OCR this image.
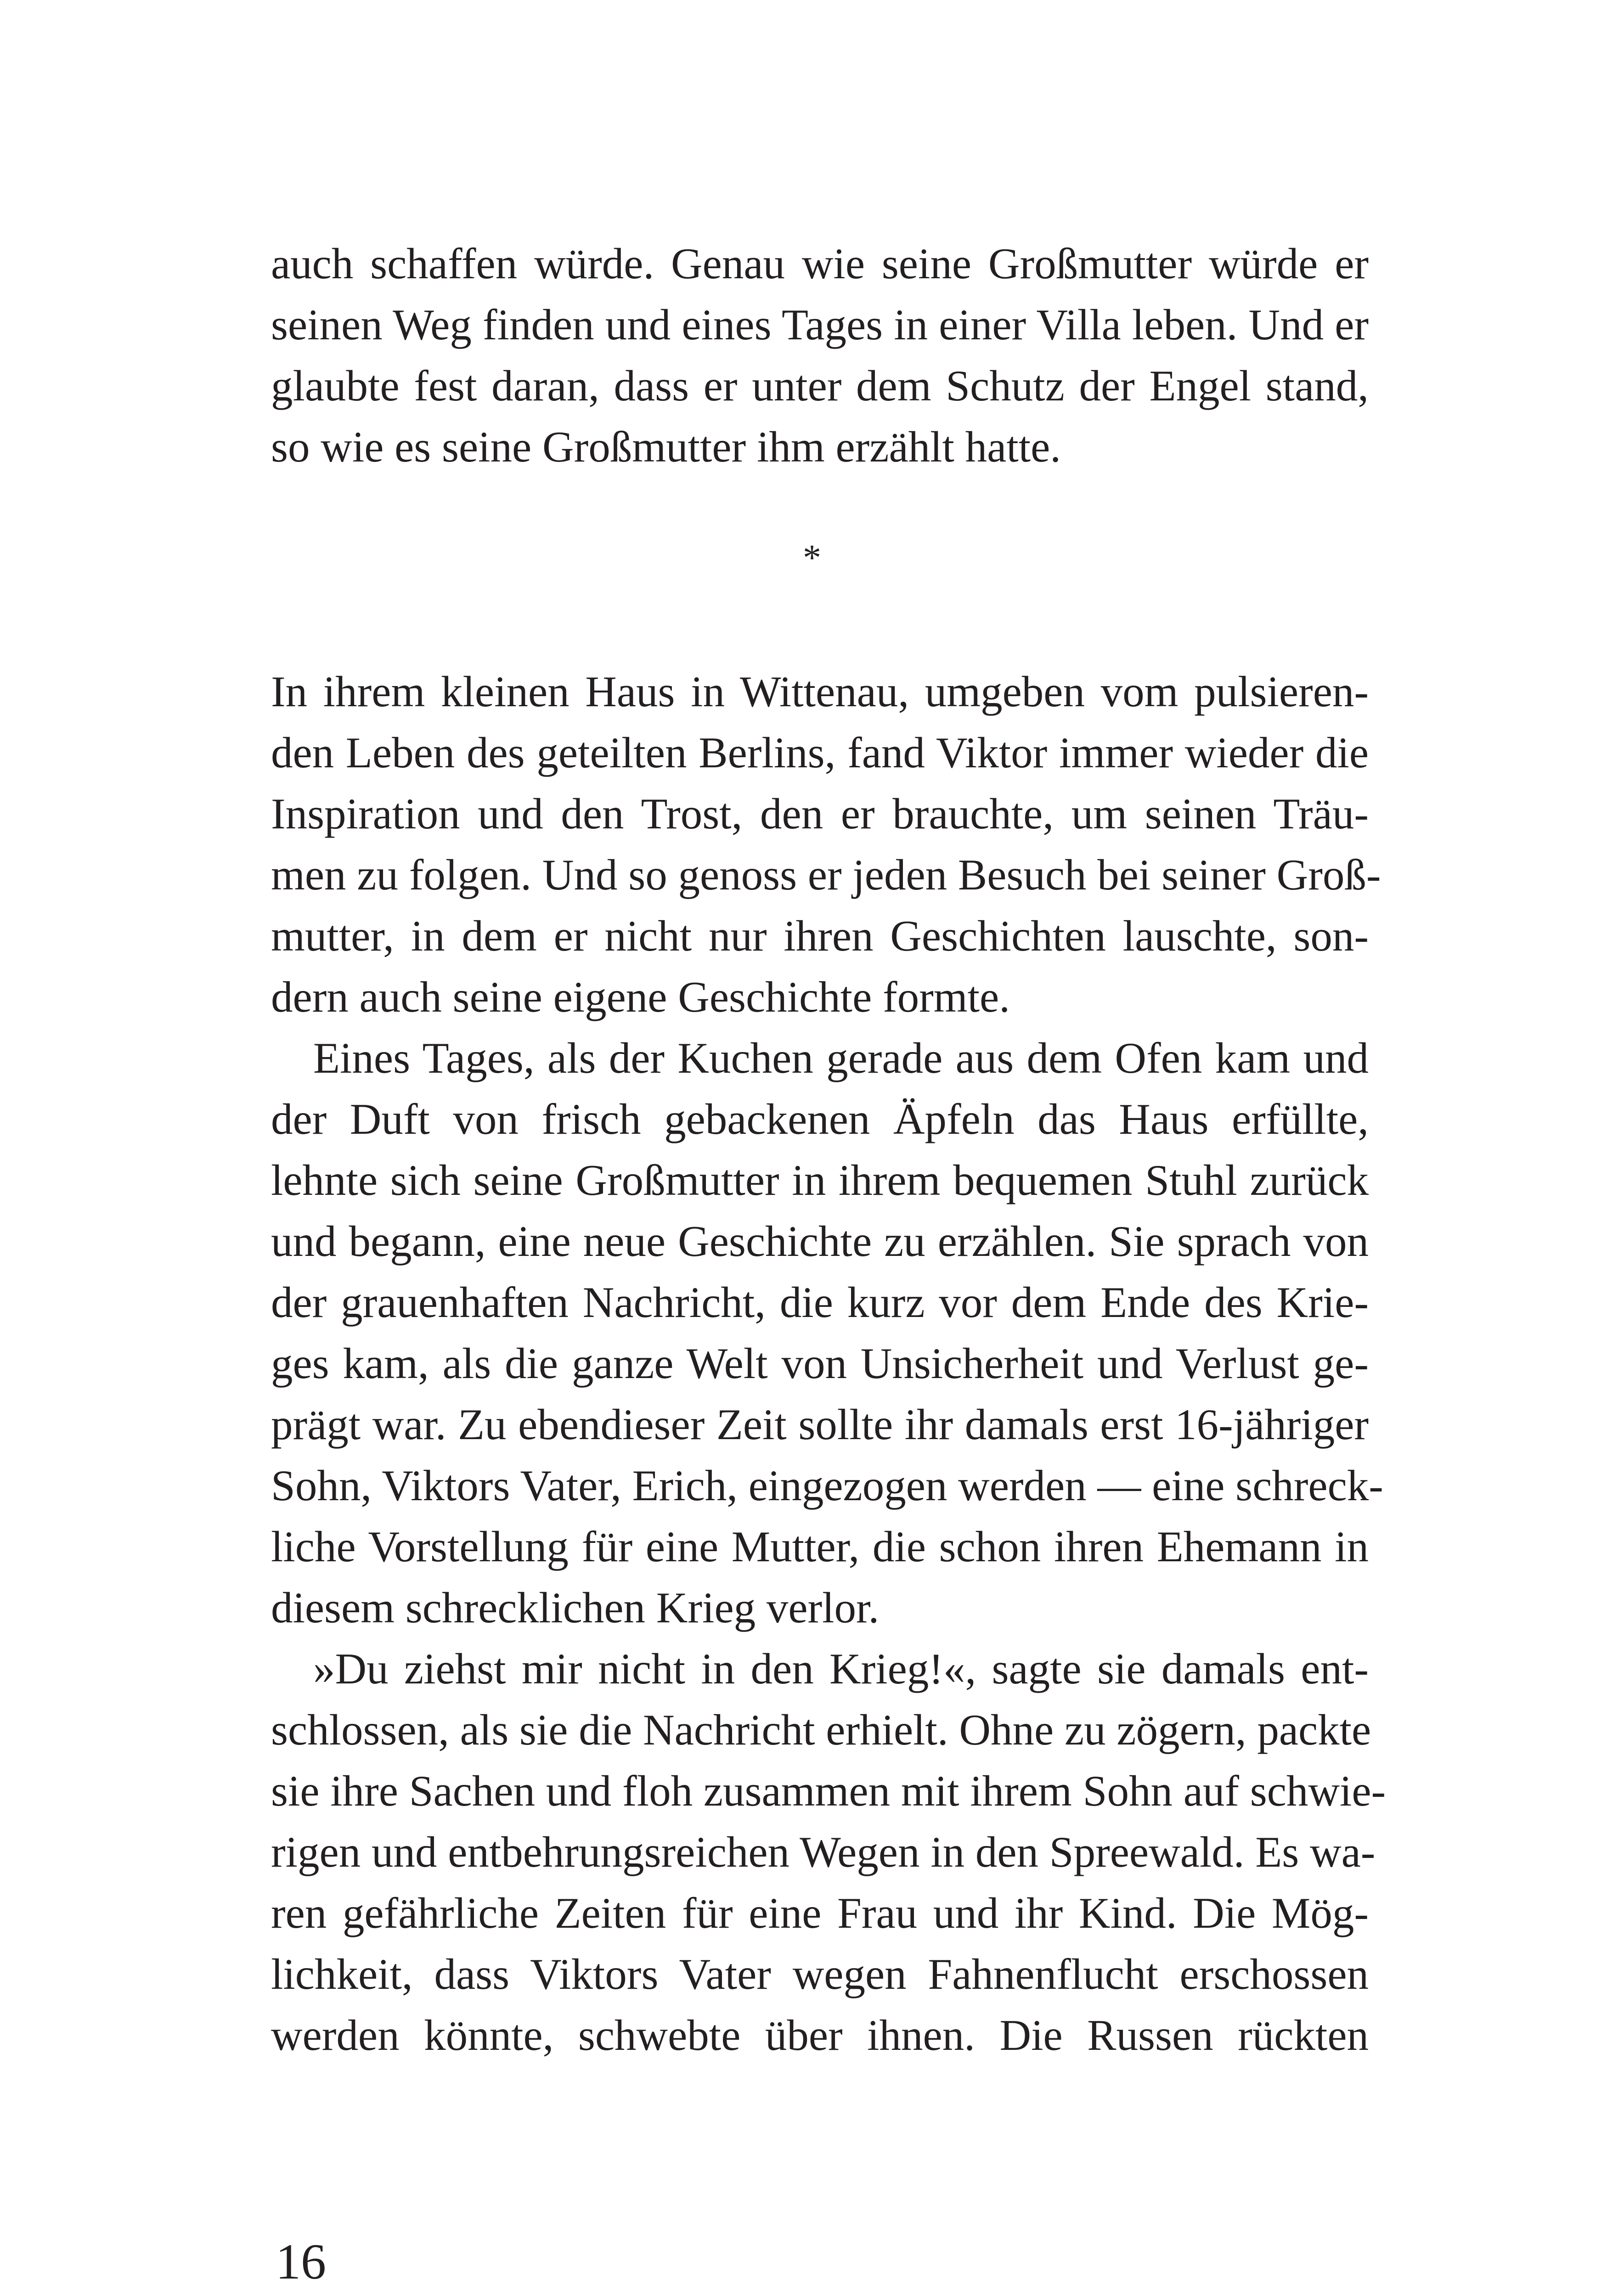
auch schaffen würde. Genau wie seine Großmutter würde er
seinen Weg finden und eines Tages in einer Villa leben. Und er
glaubte fest daran, dass er unter dem Schutz der Engel stand,
so wie es seine Großmutter ihm erzählt hatte.
*
In ihrem kleinen Haus in Wittenau, umgeben vom pulsieren-
den Leben des geteilten Berlins, fand Viktor immer wieder die
Inspiration und den Trost, den er brauchte, um seinen Träu-
men zu folgen. Und so genoss er jeden Besuch bei seiner Groß-
mutter, in dem er nicht nur ihren Geschichten lauschte, son-
dern auch seine eigene Geschichte formte.
Eines Tages, als der Kuchen gerade aus dem Ofen kam und
der Duft von frisch gebackenen Äpfeln das Haus erfüllte,
lehnte sich seine Großmutter in ihrem bequemen Stuhl zurück
und begann, eine neue Geschichte zu erzählen. Sie sprach von
der grauenhaften Nachricht, die kurz vor dem Ende des Krie-
ges kam, als die ganze Welt von Unsicherheit und Verlust ge-
prägt war. Zu ebendieser Zeit sollte ihr damals erst 16-jähriger
Sohn, Viktors Vater, Erich, eingezogen werden — eine schreck-
liche Vorstellung für eine Mutter, die schon ihren Ehemann in
diesem schrecklichen Krieg verlor.
»Du ziehst mir nicht in den Krieg!«, sagte sie damals ent-
schlossen, als sie die Nachricht erhielt. Ohne zu zögern, packte
sie ihre Sachen und floh zusammen mit ihrem Sohn auf schwie-
rigen und entbehrungsreichen Wegen in den Spreewald. Es wa-
ren gefährliche Zeiten für eine Frau und ihr Kind. Die Mög-
lichkeit, dass Viktors Vater wegen Fahnenflucht erschossen
werden könnte, schwebte über ihnen. Die Russen rückten
16
